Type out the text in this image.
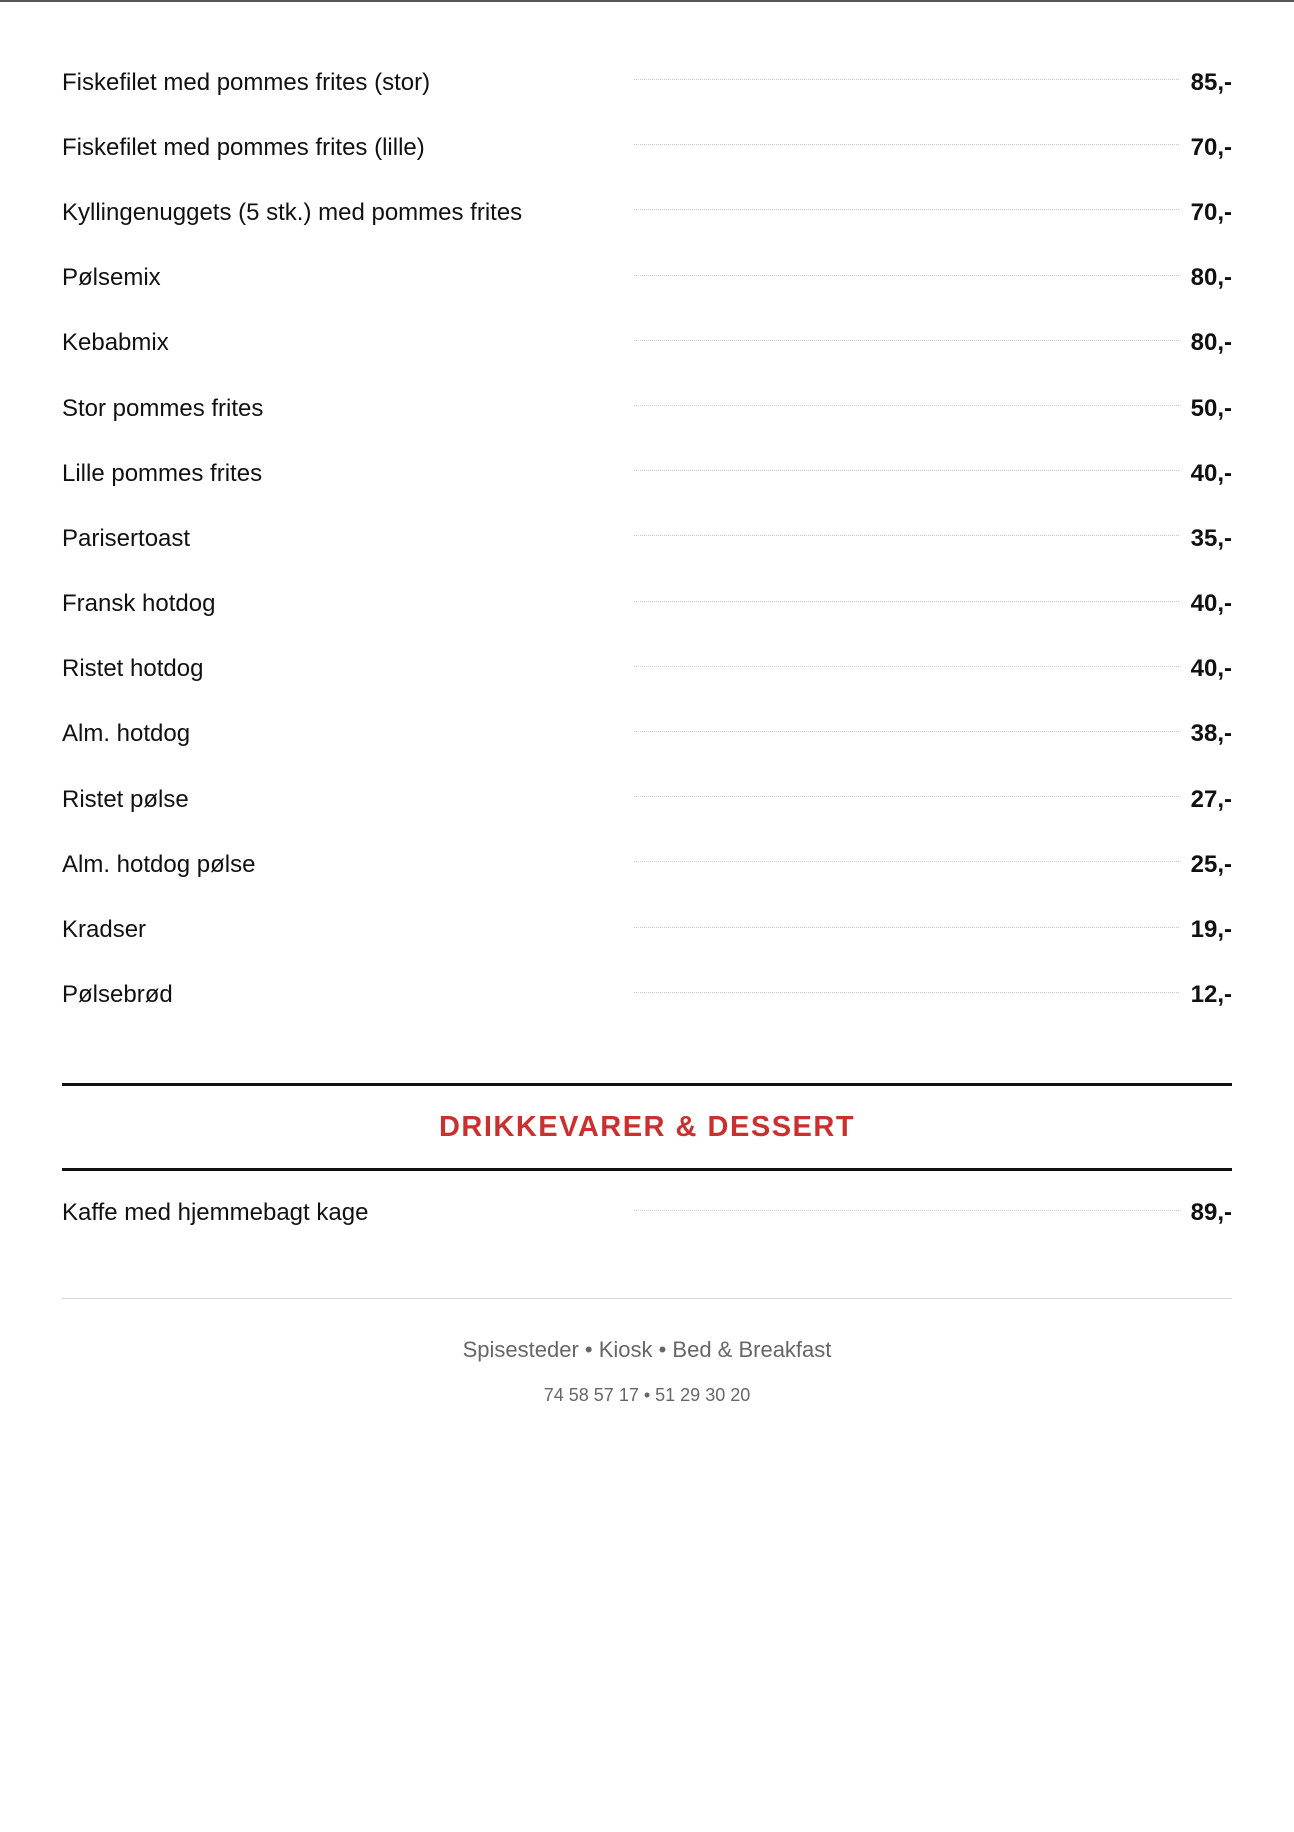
Fiskefilet med pommes frites (stor)	85,-
Fiskefilet med pommes frites (lille)	70,-
Kyllingenuggets (5 stk.) med pommes frites	70,-
Pølsemix	80,-
Kebabmix	80,-
Stor pommes frites	50,-
Lille pommes frites	40,-
Parisertoast	35,-
Fransk hotdog	40,-
Ristet hotdog	40,-
Alm. hotdog	38,-
Ristet pølse	27,-
Alm. hotdog pølse	25,-
Kradser	19,-
Pølsebrød	12,-
DRIKKEVARER & DESSERT
Kaffe med hjemmebagt kage	89,-
Spisesteder • Kiosk • Bed & Breakfast
74 58 57 17 • 51 29 30 20
